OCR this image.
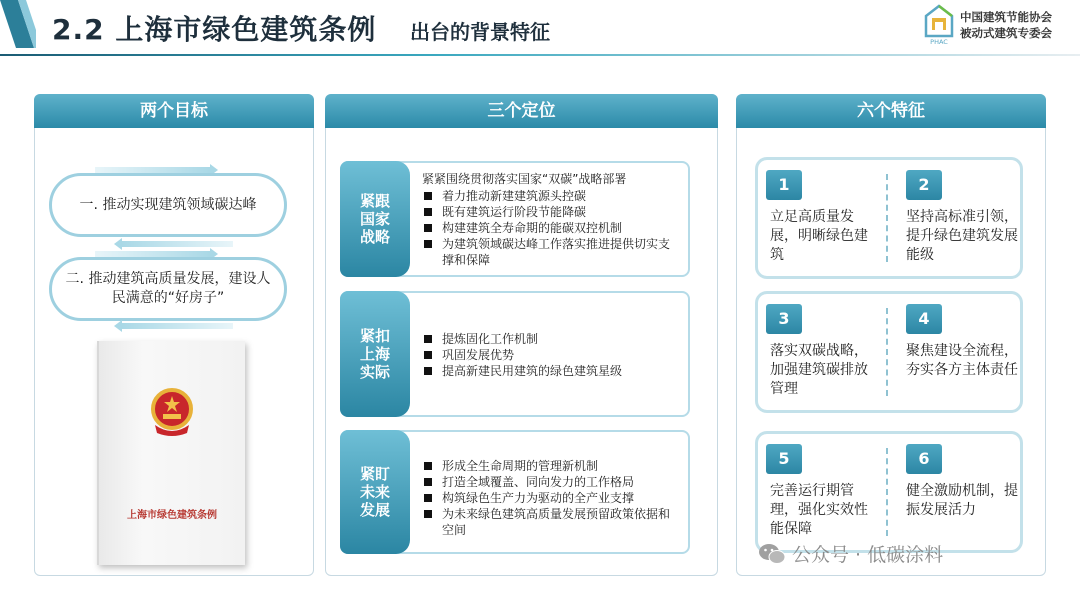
2.2 上海市绿色建筑条例 出台的背景特征	PHAC
中国建筑节能协会
被动式建筑专委会
两个目标
一. 推动实现建筑领域碳达峰
二. 推动建筑高质量发展，建设人民满意的“好房子”
上海市绿色建筑条例
三个定位
紧跟
国家
战略
紧紧围绕贯彻落实国家“双碳”战略部署
着力推动新建建筑源头控碳
既有建筑运行阶段节能降碳
构建建筑全寿命期的能碳双控机制
为建筑领域碳达峰工作落实推进提供切实支撑和保障
紧扣
上海
实际
提炼固化工作机制
巩固发展优势
提高新建民用建筑的绿色建筑星级
紧盯
未来
发展
形成全生命周期的管理新机制
打造全域覆盖、同向发力的工作格局
构筑绿色生产力为驱动的全产业支撑
为未来绿色建筑高质量发展预留政策依据和空间
六个特征
1
立足高质量发展，明晰绿色建筑
2
坚持高标准引领，提升绿色建筑发展能级
3
落实双碳战略，加强建筑碳排放管理
4
聚焦建设全流程，夯实各方主体责任
5
完善运行期管理，强化实效性能保障
6
健全激励机制，提振发展活力
公众号 · 低碳涂料
